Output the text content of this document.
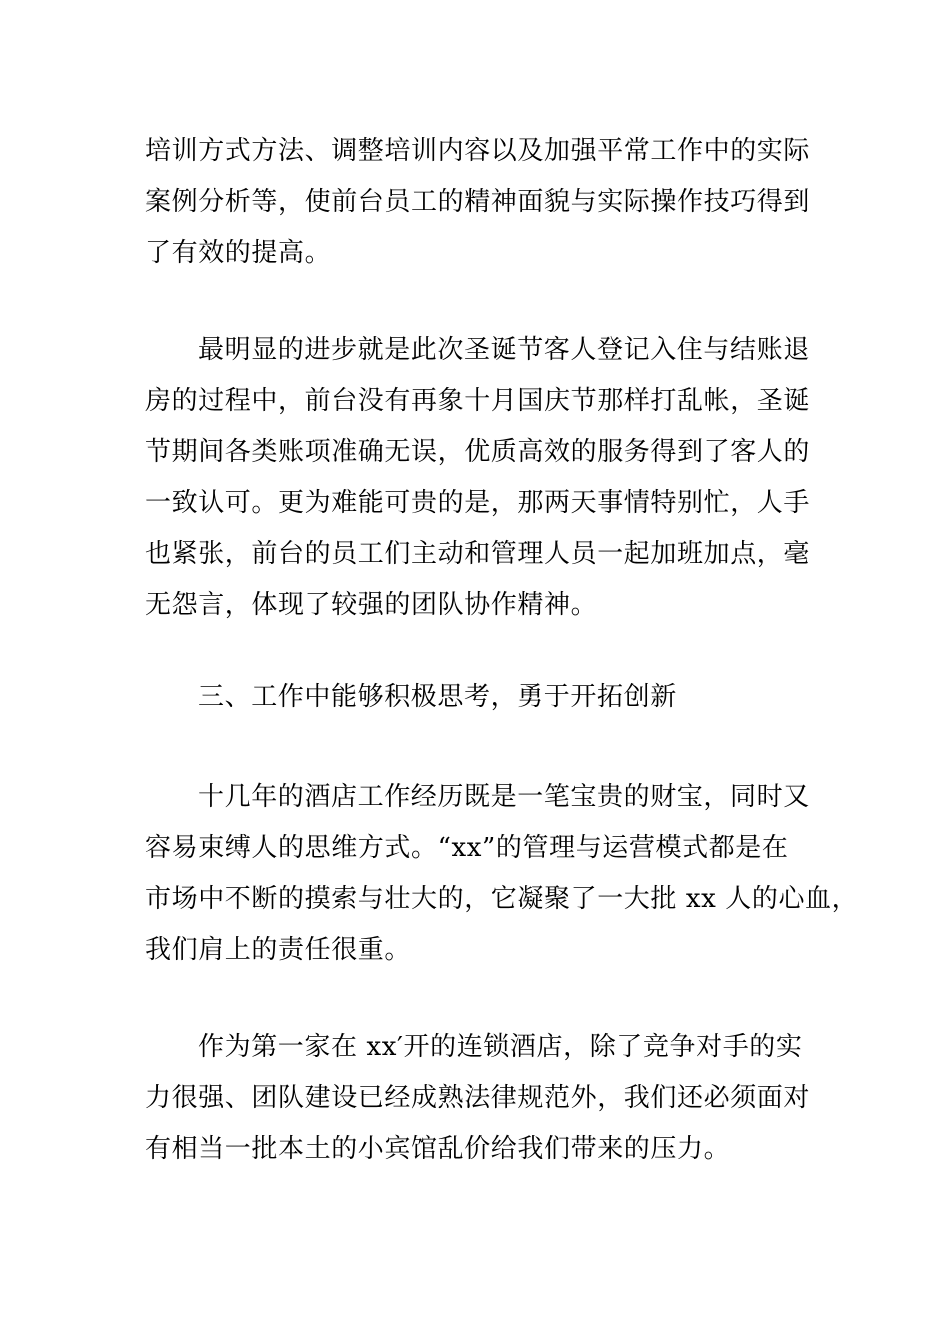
培训方式方法、调整培训内容以及加强平常工作中的实际
案例分析等，使前台员工的精神面貌与实际操作技巧得到
了有效的提高。
最明显的进步就是此次圣诞节客人登记入住与结账退
房的过程中，前台没有再象十月国庆节那样打乱帐，圣诞
节期间各类账项准确无误，优质高效的服务得到了客人的
一致认可。更为难能可贵的是，那两天事情特别忙，人手
也紧张，前台的员工们主动和管理人员一起加班加点，毫
无怨言，体现了较强的团队协作精神。
三、工作中能够积极思考，勇于开拓创新
十几年的酒店工作经历既是一笔宝贵的财宝，同时又
容易束缚人的思维方式。“xx”的管理与运营模式都是在
市场中不断的摸索与壮大的，它凝聚了一大批 xx 人的心血，
我们肩上的责任很重。
作为第一家在 xx′开的连锁酒店，除了竞争对手的实
力很强、团队建设已经成熟法律规范外，我们还必须面对
有相当一批本土的小宾馆乱价给我们带来的压力。
